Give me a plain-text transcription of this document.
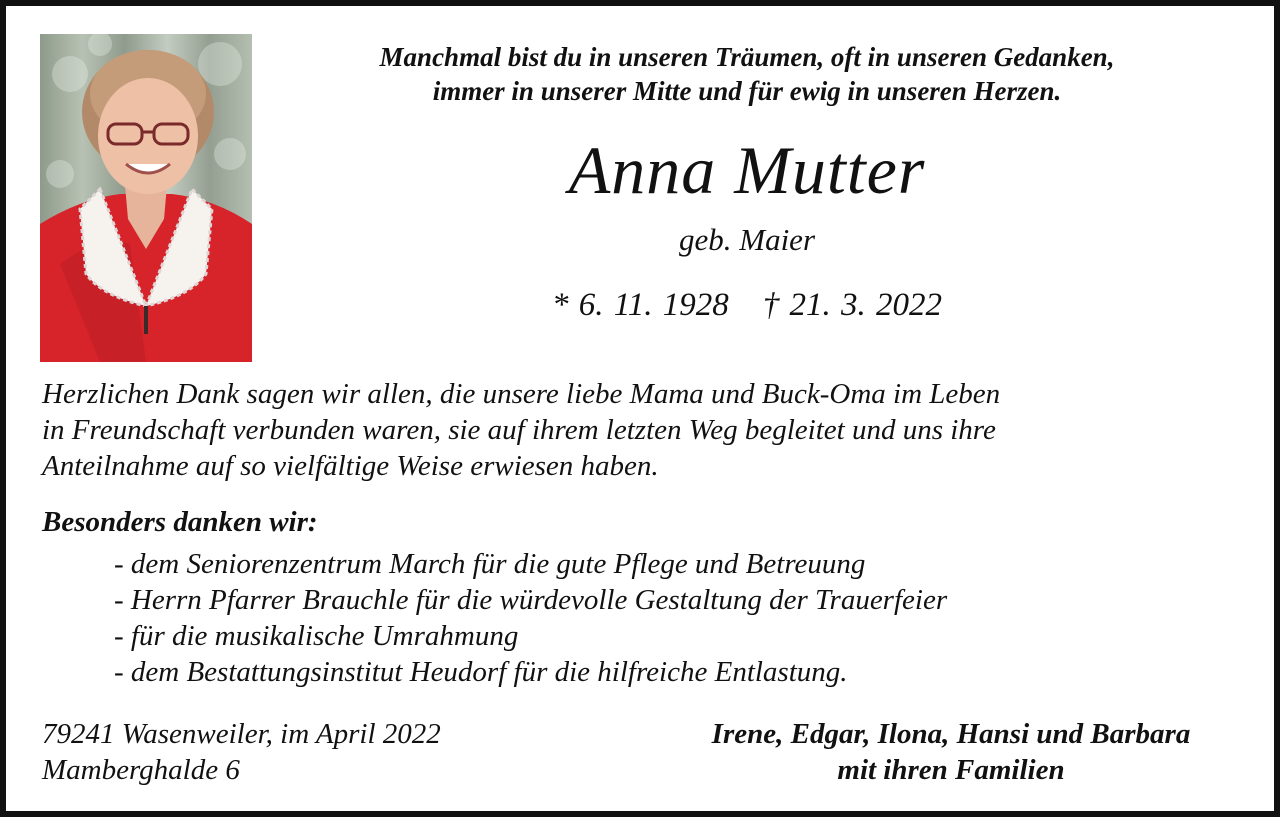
Manchmal bist du in unseren Träumen, oft in unseren Gedanken,
immer in unserer Mitte und für ewig in unseren Herzen.
Anna Mutter
geb. Maier
* 6. 11. 1928 † 21. 3. 2022
Herzlichen Dank sagen wir allen, die unsere liebe Mama und Buck-Oma im Leben
in Freundschaft verbunden waren, sie auf ihrem letzten Weg begleitet und uns ihre
Anteilnahme auf so vielfältige Weise erwiesen haben.
Besonders danken wir:
- dem Seniorenzentrum March für die gute Pflege und Betreuung
- Herrn Pfarrer Brauchle für die würdevolle Gestaltung der Trauerfeier
- für die musikalische Umrahmung
- dem Bestattungsinstitut Heudorf für die hilfreiche Entlastung.
79241 Wasenweiler, im April 2022
Mamberghalde 6
Irene, Edgar, Ilona, Hansi und Barbara
mit ihren Familien
